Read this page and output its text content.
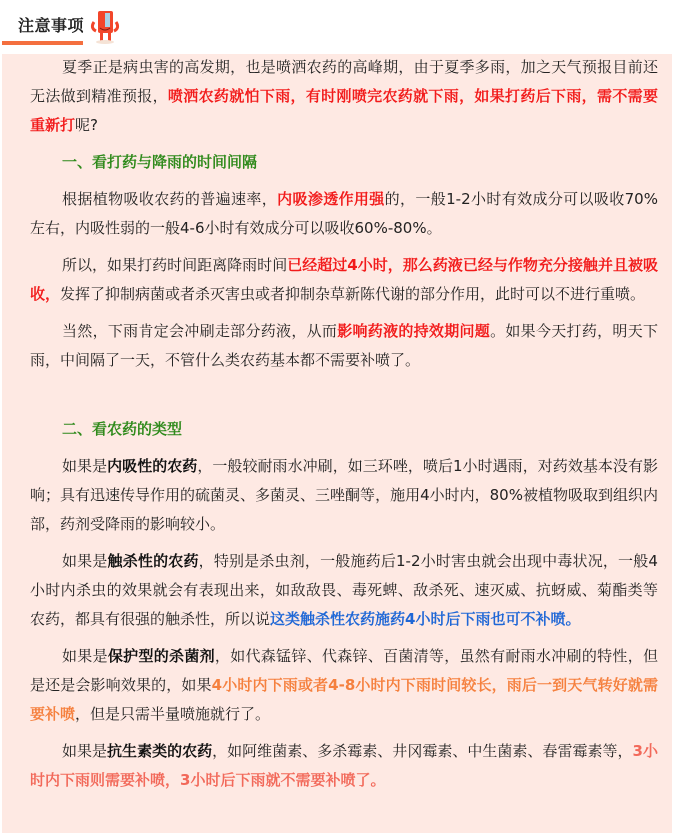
注意事项

夏季正是病虫害的高发期，也是喷洒农药的高峰期，由于夏季多雨，加之天气预报目前还无法做到精准预报，喷洒农药就怕下雨，有时刚喷完农药就下雨，如果打药后下雨，需不需要重新打呢?

一、看打药与降雨的时间间隔

根据植物吸收农药的普遍速率，内吸渗透作用强的，一般1-2小时有效成分可以吸收70%左右，内吸性弱的一般4-6小时有效成分可以吸收60%-80%。

所以，如果打药时间距离降雨时间已经超过4小时，那么药液已经与作物充分接触并且被吸收，发挥了抑制病菌或者杀灭害虫或者抑制杂草新陈代谢的部分作用，此时可以不进行重喷。

当然，下雨肯定会冲刷走部分药液，从而影响药液的持效期问题。如果今天打药，明天下雨，中间隔了一天，不管什么类农药基本都不需要补喷了。

二、看农药的类型

如果是内吸性的农药，一般较耐雨水冲刷，如三环唑，喷后1小时遇雨，对药效基本没有影响；具有迅速传导作用的硫菌灵、多菌灵、三唑酮等，施用4小时内，80%被植物吸取到组织内部，药剂受降雨的影响较小。

如果是触杀性的农药，特别是杀虫剂，一般施药后1-2小时害虫就会出现中毒状况，一般4小时内杀虫的效果就会有表现出来，如敌敌畏、毒死蜱、敌杀死、速灭威、抗蚜威、菊酯类等农药，都具有很强的触杀性，所以说这类触杀性农药施药4小时后下雨也可不补喷。

如果是保护型的杀菌剂，如代森锰锌、代森锌、百菌清等，虽然有耐雨水冲刷的特性，但是还是会影响效果的，如果4小时内下雨或者4-8小时内下雨时间较长，雨后一到天气转好就需要补喷，但是只需半量喷施就行了。

如果是抗生素类的农药，如阿维菌素、多杀霉素、井冈霉素、中生菌素、春雷霉素等，3小时内下雨则需要补喷，3小时后下雨就不需要补喷了。
